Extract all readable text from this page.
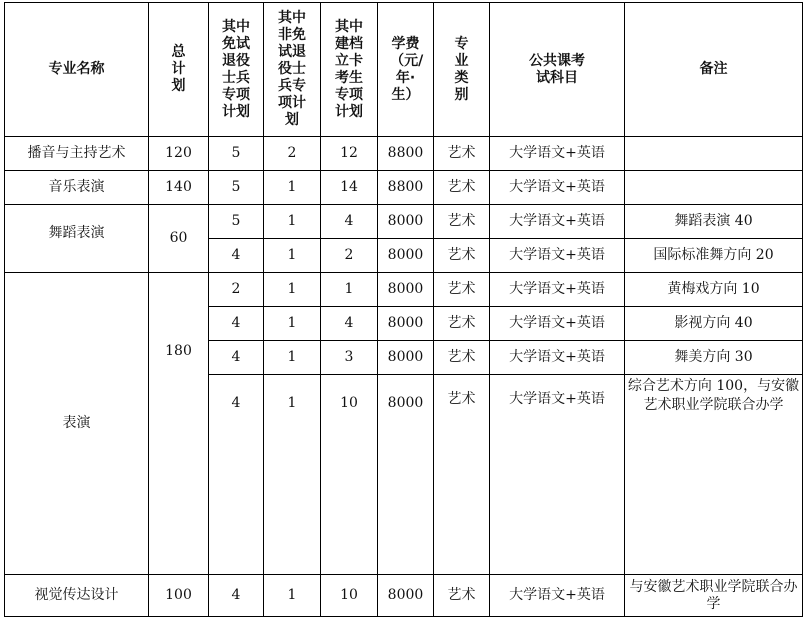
专业名称	总计划	其中免试退役士兵专项计划	其中非免试退役士兵专项计划	其中建档立卡考生专项计划	学费（元/年·生）	专业类别	公共课考试科目	备注
播音与主持艺术	120	5	2	12	8800	艺术	大学语文+英语	
音乐表演	140	5	1	14	8800	艺术	大学语文+英语	
舞蹈表演	60	5	1	4	8000	艺术	大学语文+英语	舞蹈表演 40
		4	1	2	8000	艺术	大学语文+英语	国际标准舞方向 20
表演	180	2	1	1	8000	艺术	大学语文+英语	黄梅戏方向 10
		4	1	4	8000	艺术	大学语文+英语	影视方向 40
		4	1	3	8000	艺术	大学语文+英语	舞美方向 30
		4	1	10	8000	艺术	大学语文+英语	综合艺术方向 100，与安徽艺术职业学院联合办学
视觉传达设计	100	4	1	10	8000	艺术	大学语文+英语	与安徽艺术职业学院联合办学
